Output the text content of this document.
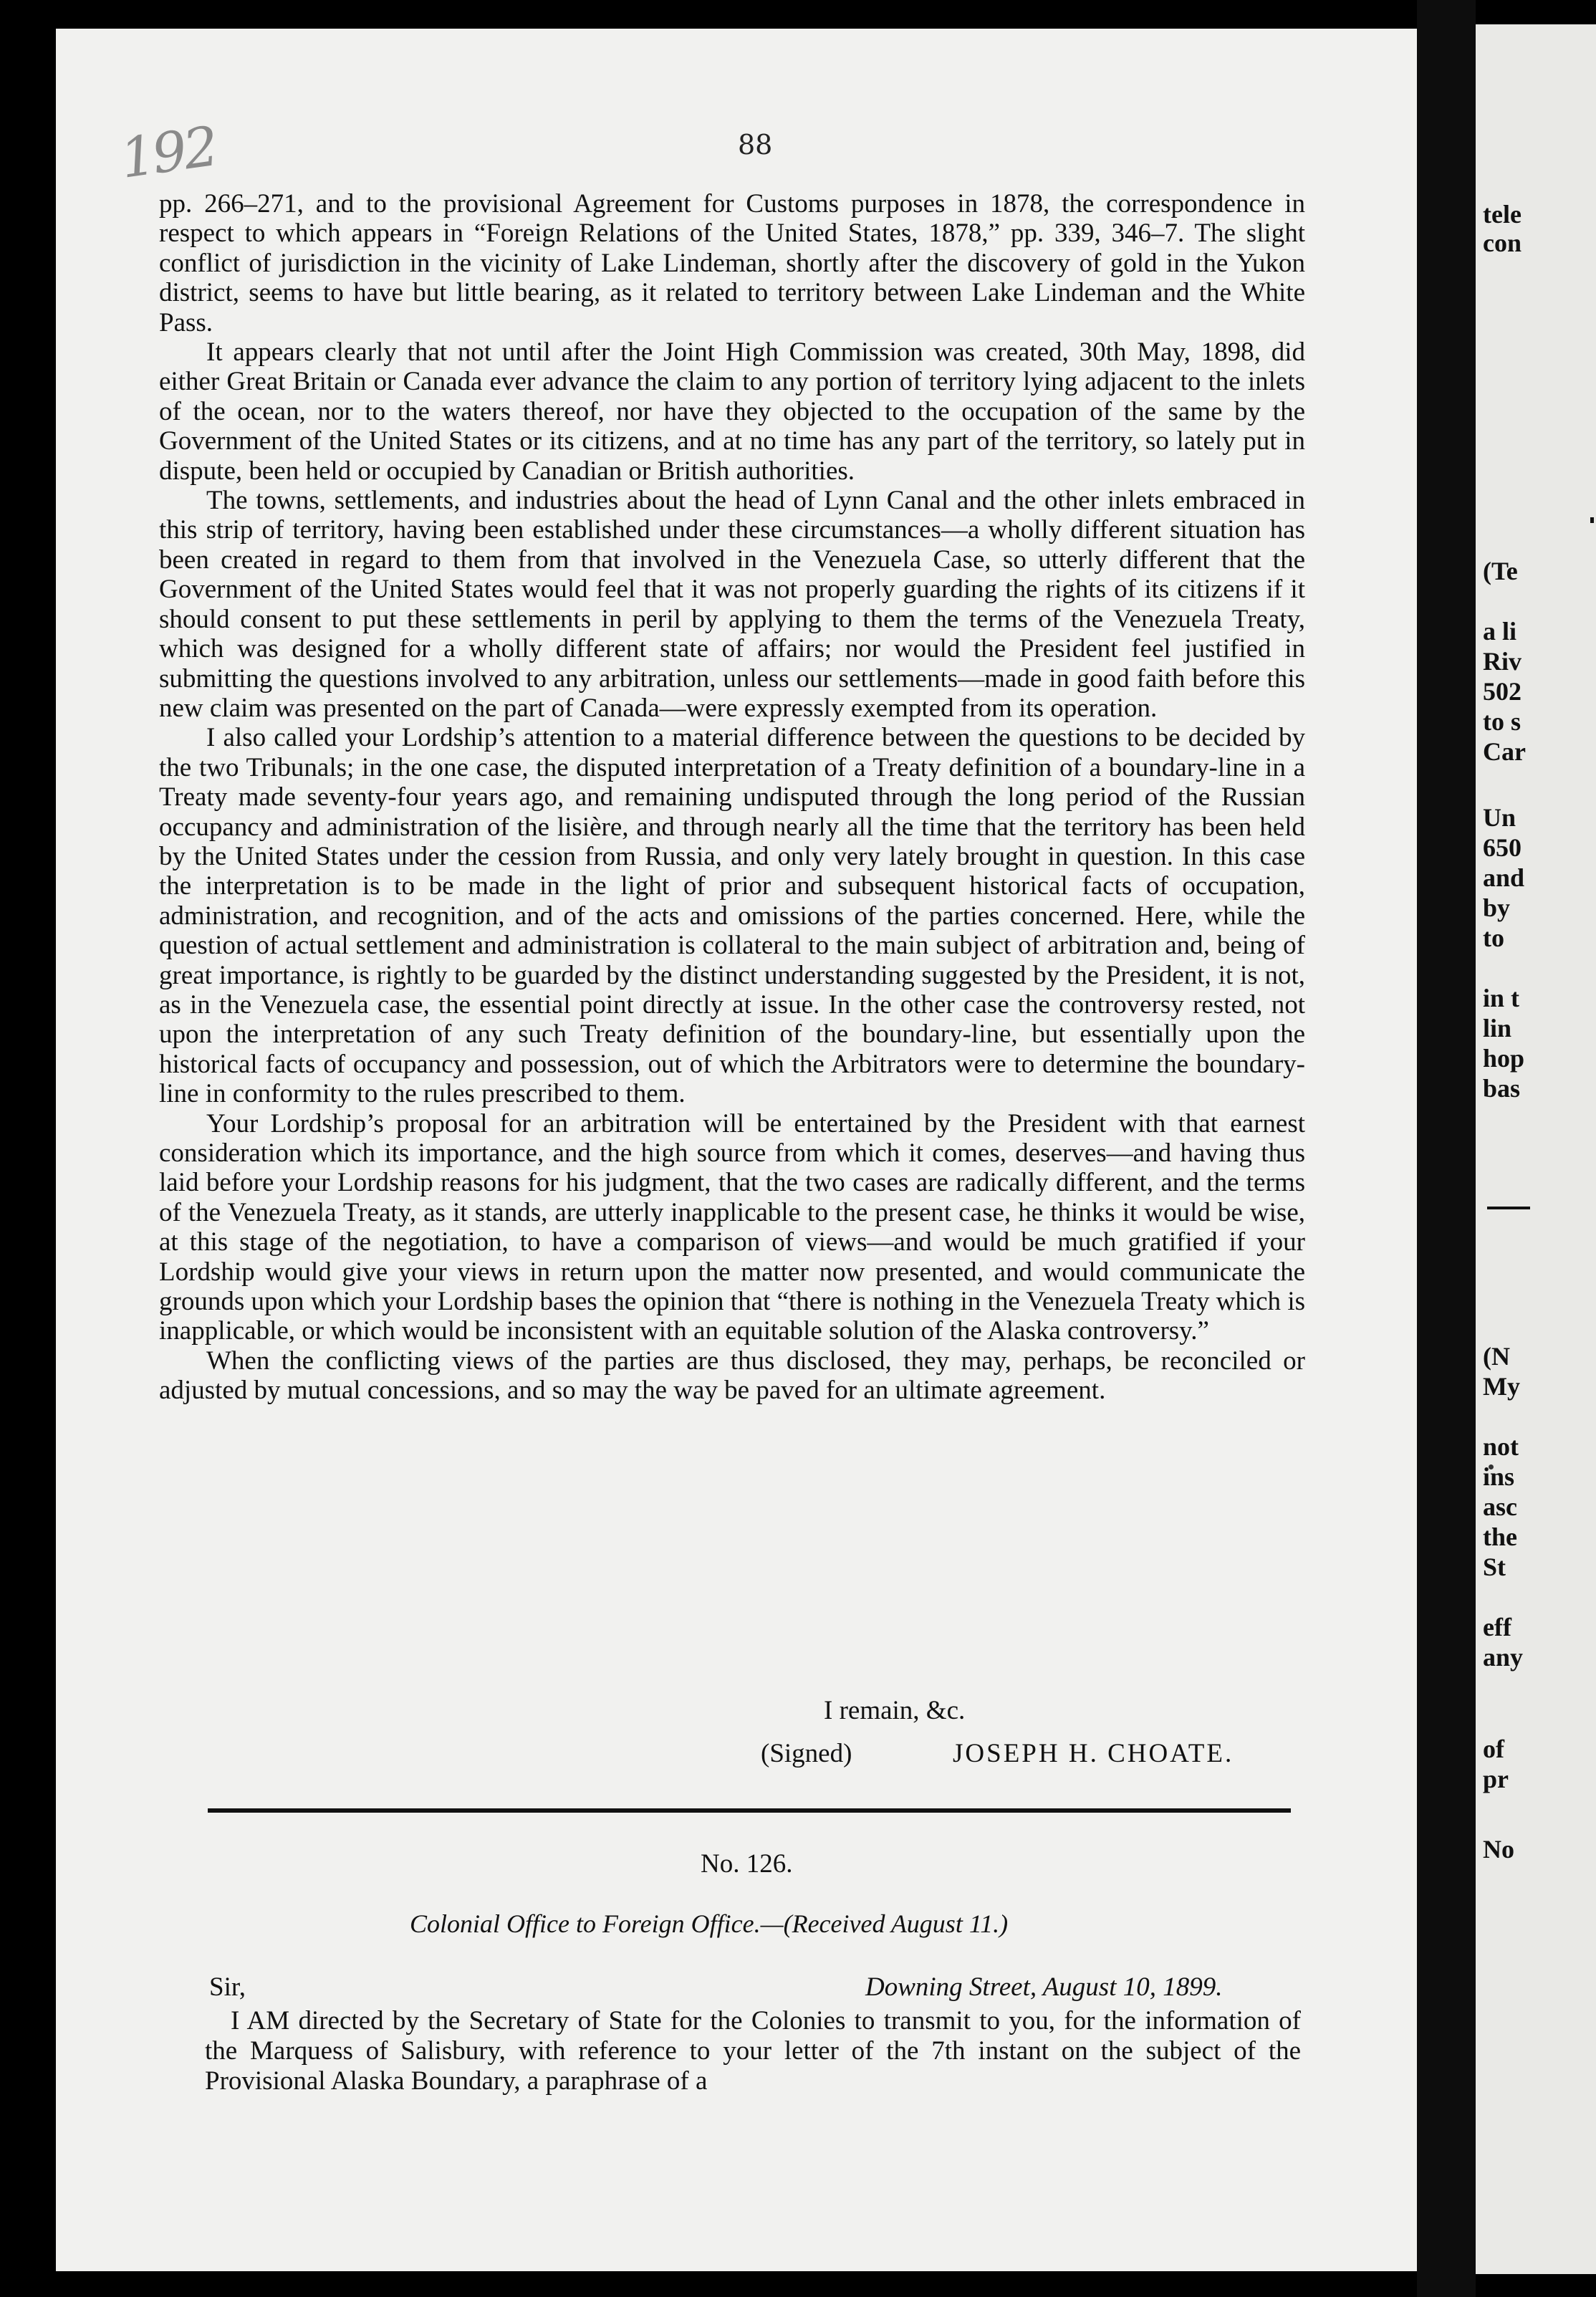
192	88

pp. 266–271, and to the provisional Agreement for Customs purposes in 1878, the correspondence in respect to which appears in “Foreign Relations of the United States, 1878,” pp. 339, 346–7. The slight conflict of jurisdiction in the vicinity of Lake Lindeman, shortly after the discovery of gold in the Yukon district, seems to have but little bearing, as it related to territory between Lake Lindeman and the White Pass.

It appears clearly that not until after the Joint High Commission was created, 30th May, 1898, did either Great Britain or Canada ever advance the claim to any portion of territory lying adjacent to the inlets of the ocean, nor to the waters thereof, nor have they objected to the occupation of the same by the Government of the United States or its citizens, and at no time has any part of the territory, so lately put in dispute, been held or occupied by Canadian or British authorities.

The towns, settlements, and industries about the head of Lynn Canal and the other inlets embraced in this strip of territory, having been established under these circumstances—a wholly different situation has been created in regard to them from that involved in the Venezuela Case, so utterly different that the Government of the United States would feel that it was not properly guarding the rights of its citizens if it should consent to put these settlements in peril by applying to them the terms of the Venezuela Treaty, which was designed for a wholly different state of affairs; nor would the President feel justified in submitting the questions involved to any arbitration, unless our settlements—made in good faith before this new claim was presented on the part of Canada—were expressly exempted from its operation.

I also called your Lordship’s attention to a material difference between the questions to be decided by the two Tribunals; in the one case, the disputed interpretation of a Treaty definition of a boundary-line in a Treaty made seventy-four years ago, and remaining undisputed through the long period of the Russian occupancy and administration of the lisière, and through nearly all the time that the territory has been held by the United States under the cession from Russia, and only very lately brought in question. In this case the interpretation is to be made in the light of prior and subsequent historical facts of occupation, administration, and recognition, and of the acts and omissions of the parties concerned. Here, while the question of actual settlement and administration is collateral to the main subject of arbitration and, being of great importance, is rightly to be guarded by the distinct understanding suggested by the President, it is not, as in the Venezuela case, the essential point directly at issue. In the other case the controversy rested, not upon the interpretation of any such Treaty definition of the boundary-line, but essentially upon the historical facts of occupancy and possession, out of which the Arbitrators were to determine the boundary-line in conformity to the rules prescribed to them.

Your Lordship’s proposal for an arbitration will be entertained by the President with that earnest consideration which its importance, and the high source from which it comes, deserves—and having thus laid before your Lordship reasons for his judgment, that the two cases are radically different, and the terms of the Venezuela Treaty, as it stands, are utterly inapplicable to the present case, he thinks it would be wise, at this stage of the negotiation, to have a comparison of views—and would be much gratified if your Lordship would give your views in return upon the matter now presented, and would communicate the grounds upon which your Lordship bases the opinion that “there is nothing in the Venezuela Treaty which is inapplicable, or which would be inconsistent with an equitable solution of the Alaska controversy.”

When the conflicting views of the parties are thus disclosed, they may, perhaps, be reconciled or adjusted by mutual concessions, and so may the way be paved for an ultimate agreement.

I remain, &c.
(Signed)	JOSEPH H. CHOATE.
No. 126.
Colonial Office to Foreign Office.—(Received August 11.)
Sir,	Downing Street, August 10, 1899.

I AM directed by the Secretary of State for the Colonies to transmit to you, for the information of the Marquess of Salisbury, with reference to your letter of the 7th instant on the subject of the Provisional Alaska Boundary, a paraphrase of a

tele
con
(Te
a li
Riv
502
to s
Car
Un
650
and
by
to
in t
lin
hop
bas
(N
My
not
ins
asc
the
St
eff
any
of
pr
No
